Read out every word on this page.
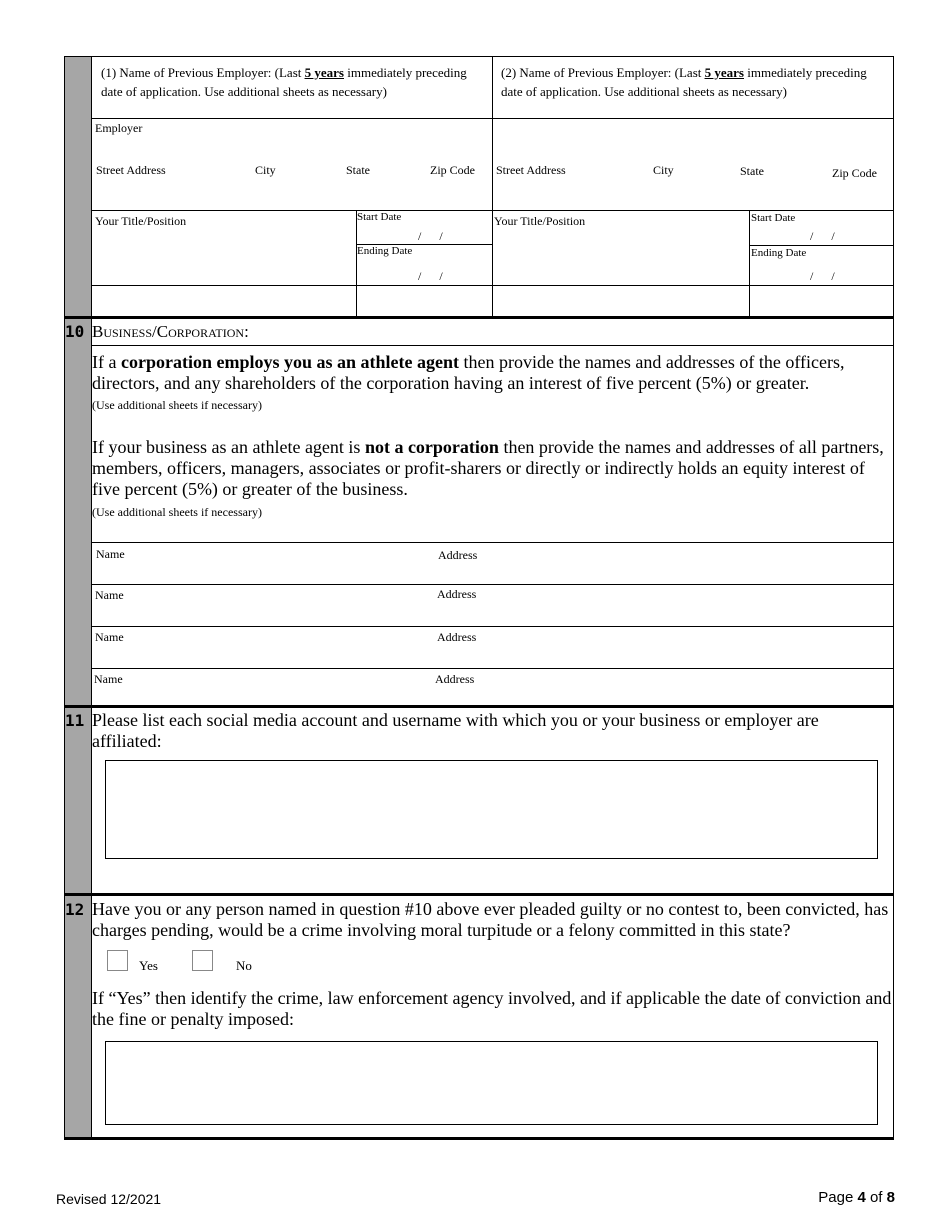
(1) Name of Previous Employer: (Last 5 years immediately preceding date of application. Use additional sheets as necessary)
(2) Name of Previous Employer: (Last 5 years immediately preceding date of application. Use additional sheets as necessary)
Employer
Street Address	City	State	Zip Code Street Address	City	State	Zip Code
Your Title/Position	Start Date
/      /
Ending Date
/      /
Your Title/Position	Start Date
/      /
Ending Date
/      /
10 Business/Corporation:
If a corporation employs you as an athlete agent then provide the names and addresses of the officers, directors, and any shareholders of the corporation having an interest of five percent (5%) or greater.
(Use additional sheets if necessary)
If your business as an athlete agent is not a corporation then provide the names and addresses of all partners, members, officers, managers, associates or profit-sharers or directly or indirectly holds an equity interest of five percent (5%) or greater of the business.
(Use additional sheets if necessary)
Name	Address
Name	Address
Name	Address
Name	Address
11 Please list each social media account and username with which you or your business or employer are affiliated:
12 Have you or any person named in question #10 above ever pleaded guilty or no contest to, been convicted, has charges pending, would be a crime involving moral turpitude or a felony committed in this state?
Yes	No
If “Yes” then identify the crime, law enforcement agency involved, and if applicable the date of conviction and the fine or penalty imposed:
Revised 12/2021	Page 4 of 8
